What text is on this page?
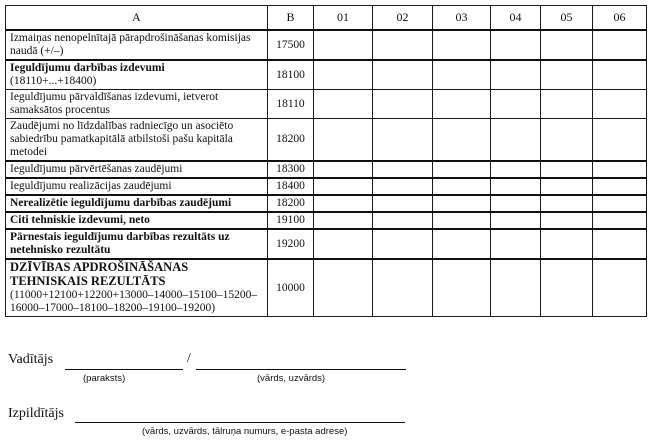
A	B	01	02	03	04	05	06
Izmaiņas nenopelnītajā pārapdrošināšanas komisijas naudā (+/–)	17500						
Ieguldījumu darbības izdevumi
(18110+...+18400)	18100						
Ieguldījumu pārvaldīšanas izdevumi, ietverot samaksātos procentus	18110						
Zaudējumi no līdzdalības radniecīgo un asociēto sabiedrību pamatkapitālā atbilstoši pašu kapitāla metodei	18200						
Ieguldījumu pārvērtēšanas zaudējumi	18300						
Ieguldījumu realizācijas zaudējumi	18400						
Nerealizētie ieguldījumu darbības zaudējumi	18200						
Citi tehniskie izdevumi, neto	19100						
Pārnestais ieguldījumu darbības rezultāts uz netehnisko rezultātu	19200						
DZĪVĪBAS APDROŠINĀŠANAS TEHNISKAIS REZULTĀTS (11000+12100+12200+13000–14000–15100–15200–16000–17000–18100–18200–19100–19200)	10000						
Vadītājs	/
(paraksts)	(vārds, uzvārds)
Izpildītājs
(vārds, uzvārds, tālruņa numurs, e-pasta adrese)
